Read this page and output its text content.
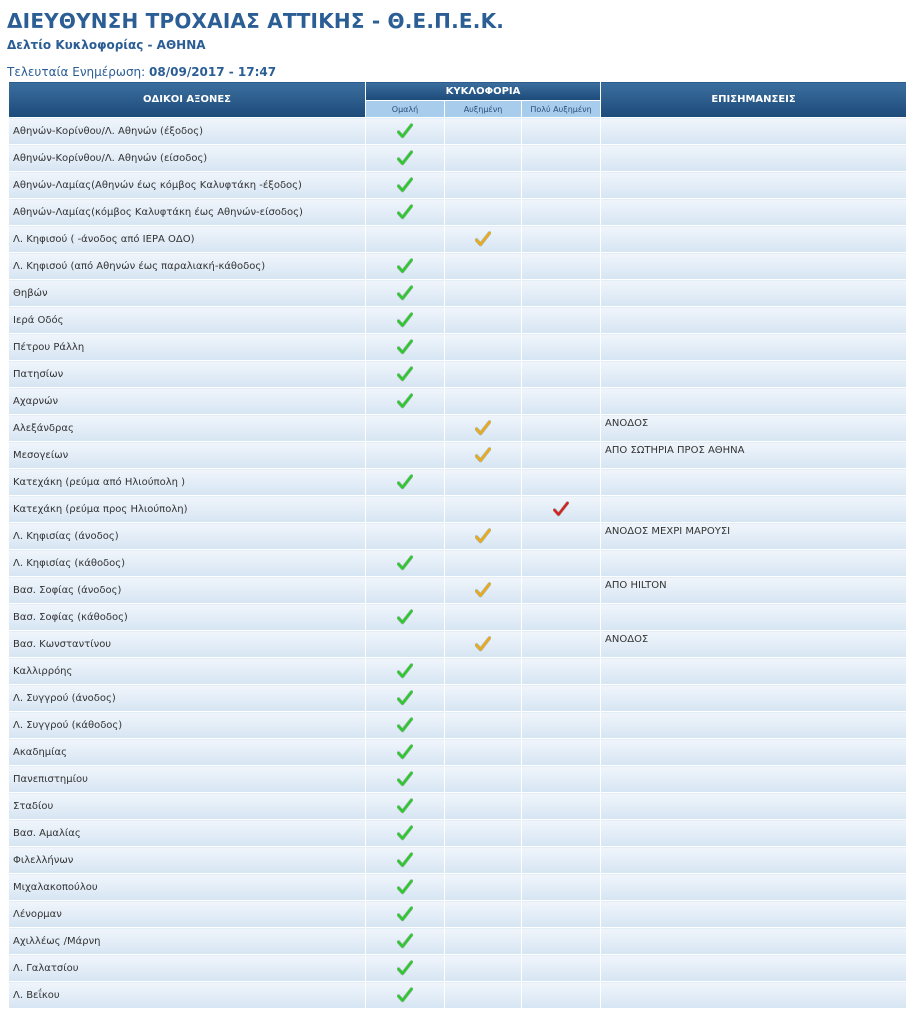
ΔΙΕΥΘΥΝΣΗ ΤΡΟΧΑΙΑΣ ΑΤΤΙΚΗΣ - Θ.Ε.Π.Ε.Κ.
Δελτίο Κυκλοφορίας - ΑΘΗΝΑ
Τελευταία Ενημέρωση: 08/09/2017 - 17:47
ΟΔΙΚΟΙ ΑΞΟΝΕΣ	ΚΥΚΛΟΦΟΡΙΑ			ΕΠΙΣΗΜΑΝΣΕΙΣ
	Ομαλή	Αυξημένη	Πολύ Αυξημένη	
Αθηνών-Κορίνθου/Λ. Αθηνών (έξοδος)				
Αθηνών-Κορίνθου/Λ. Αθηνών (είσοδος)				
Αθηνών-Λαμίας(Αθηνών έως κόμβος Καλυφτάκη -έξοδος)				
Αθηνών-Λαμίας(κόμβος Καλυφτάκη έως Αθηνών-είσοδος)				
Λ. Κηφισού ( -άνοδος από ΙΕΡΑ ΟΔΟ)				
Λ. Κηφισού (από Αθηνών έως παραλιακή-κάθοδος)				
Θηβών				
Ιερά Οδός				
Πέτρου Ράλλη				
Πατησίων				
Αχαρνών				
Αλεξάνδρας				ΑΝΟΔΟΣ
Μεσογείων				ΑΠΟ ΣΩΤΗΡΙΑ ΠΡΟΣ ΑΘΗΝΑ
Κατεχάκη (ρεύμα από Ηλιούπολη )				
Κατεχάκη (ρεύμα προς Ηλιούπολη)				
Λ. Κηφισίας (άνοδος)				ΑΝΟΔΟΣ ΜΕΧΡΙ ΜΑΡΟΥΣΙ
Λ. Κηφισίας (κάθοδος)				
Βασ. Σοφίας (άνοδος)				ΑΠΟ HILTON
Βασ. Σοφίας (κάθοδος)				
Βασ. Κωνσταντίνου				ΑΝΟΔΟΣ
Καλλιρρόης				
Λ. Συγγρού (άνοδος)				
Λ. Συγγρού (κάθοδος)				
Ακαδημίας				
Πανεπιστημίου				
Σταδίου				
Βασ. Αμαλίας				
Φιλελλήνων				
Μιχαλακοπούλου				
Λένορμαν				
Αχιλλέως /Μάρνη				
Λ. Γαλατσίου				
Λ. Βεΐκου				
